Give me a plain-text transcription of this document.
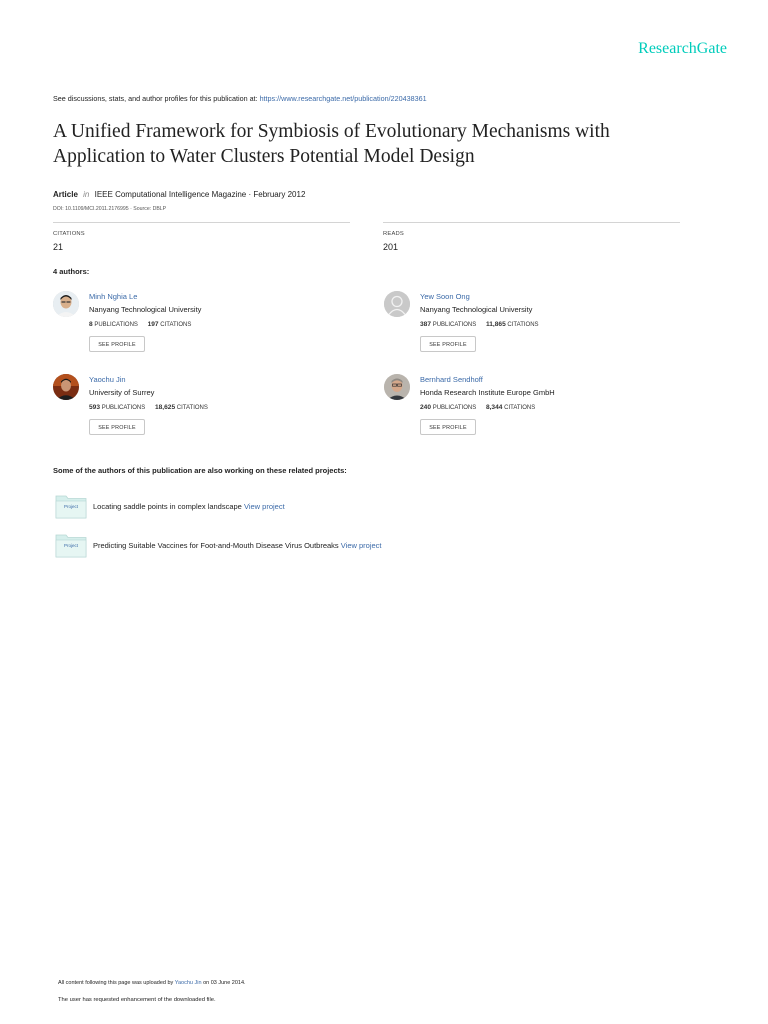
ResearchGate
See discussions, stats, and author profiles for this publication at: https://www.researchgate.net/publication/220438361
A Unified Framework for Symbiosis of Evolutionary Mechanisms with
Application to Water Clusters Potential Model Design
Article in IEEE Computational Intelligence Magazine · February 2012
DOI: 10.1109/MCI.2011.2176995 · Source: DBLP
CITATIONS
21
READS
201
4 authors:
Minh Nghia Le
Nanyang Technological University
8 PUBLICATIONS 197 CITATIONS
SEE PROFILE
Yew Soon Ong
Nanyang Technological University
387 PUBLICATIONS 11,865 CITATIONS
SEE PROFILE
Yaochu Jin
University of Surrey
593 PUBLICATIONS 18,625 CITATIONS
SEE PROFILE
Bernhard Sendhoff
Honda Research Institute Europe GmbH
240 PUBLICATIONS 8,344 CITATIONS
SEE PROFILE
Some of the authors of this publication are also working on these related projects:
Project	Locating saddle points in complex landscape View project
Project	Predicting Suitable Vaccines for Foot-and-Mouth Disease Virus Outbreaks View project
All content following this page was uploaded by Yaochu Jin on 03 June 2014.
The user has requested enhancement of the downloaded file.
